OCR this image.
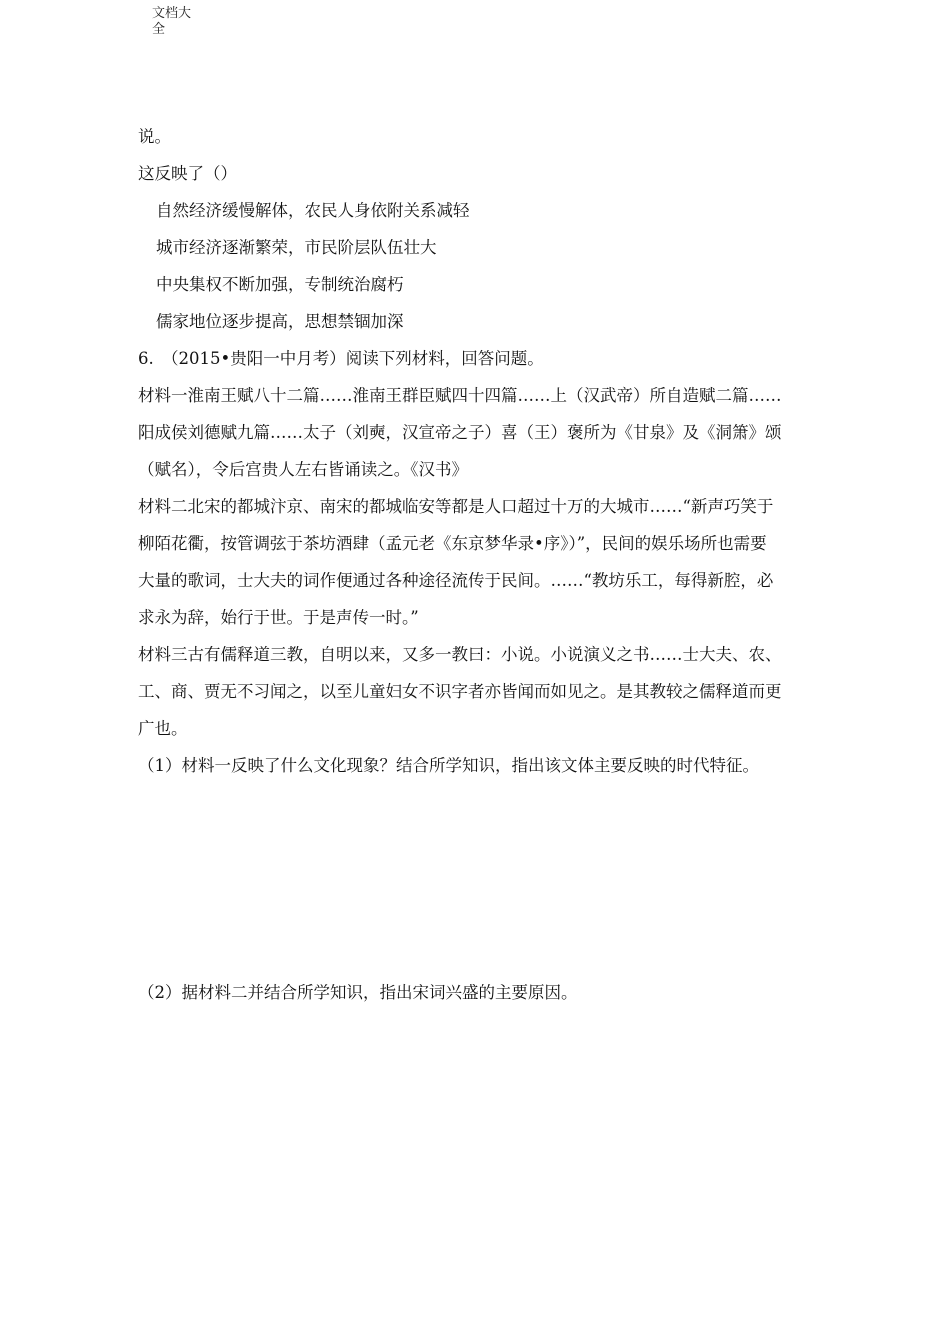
文档大
全
说。
这反映了（）
自然经济缓慢解体，农民人身依附关系减轻
城市经济逐渐繁荣，市民阶层队伍壮大
中央集权不断加强，专制统治腐朽
儒家地位逐步提高，思想禁锢加深
6.　（2015•贵阳一中月考）阅读下列材料，回答问题。
材料一淮南王赋八十二篇……淮南王群臣赋四十四篇……上（汉武帝）所自造赋二篇……
阳成侯刘德赋九篇……太子（刘奭，汉宣帝之子）喜（王）褒所为《甘泉》及《洞箫》颂
（赋名），令后宫贵人左右皆诵读之。《汉书》
材料二北宋的都城汴京、南宋的都城临安等都是人口超过十万的大城市……“新声巧笑于
柳陌花衢，按管调弦于茶坊酒肆（孟元老《东京梦华录•序》）”，民间的娱乐场所也需要
大量的歌词，士大夫的词作便通过各种途径流传于民间。……“教坊乐工，每得新腔，必
求永为辞，始行于世。于是声传一时。”
材料三古有儒释道三教，自明以来，又多一教曰：小说。小说演义之书……士大夫、农、
工、商、贾无不习闻之，以至儿童妇女不识字者亦皆闻而如见之。是其教较之儒释道而更
广也。
（1）材料一反映了什么文化现象？结合所学知识，指出该文体主要反映的时代特征。
（2）据材料二并结合所学知识，指出宋词兴盛的主要原因。
